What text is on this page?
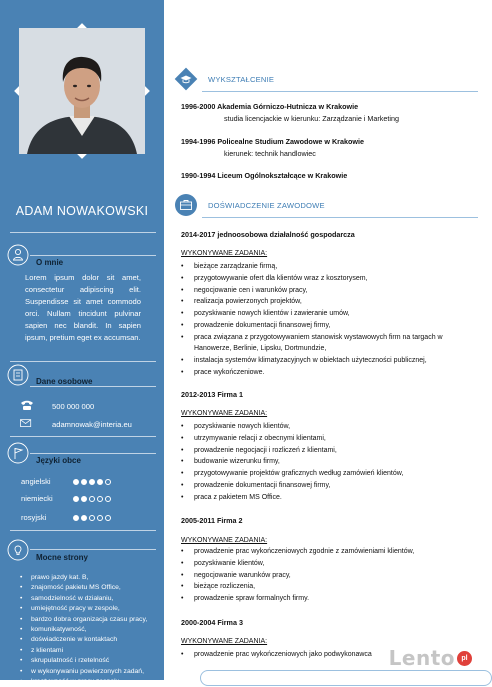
ADAM NOWAKOWSKI
O mnie
Lorem ipsum dolor sit amet, consectetur adipiscing elit. Suspendisse sit amet commodo orci. Nullam tincidunt pulvinar sapien nec blandit. In sapien ipsum, pretium eget ex accumsan.
Dane osobowe
500 000 000
adamnowak@interia.eu
Języki obce
angielski
niemiecki
rosyjski
Mocne strony
• prawo jazdy kat. B,
• znajomość pakietu MS Office,
• samodzielność w działaniu,
• umiejętność pracy w zespole,
• bardzo dobra organizacja czasu pracy,
• komunikatywność,
• doświadczenie w kontaktach
• z klientami
• skrupulatność i rzetelność
• w wykonywaniu powierzonych zadań,
• kreatywność w pracy zespołu
WYKSZTAŁCENIE
1996-2000 Akademia Górniczo-Hutnicza w Krakowie
studia licencjackie w kierunku: Zarządzanie i Marketing
1994-1996 Policealne Studium Zawodowe w Krakowie
kierunek: technik handlowiec
1990-1994 Liceum Ogólnokształcące w Krakowie
DOŚWIADCZENIE ZAWODOWE
2014-2017 jednoosobowa działalność gospodarcza
WYKONYWANE ZADANIA:
• bieżące zarządzanie firmą,
• przygotowywanie ofert dla klientów wraz z kosztorysem,
• negocjowanie cen i warunków pracy,
• realizacja powierzonych projektów,
• pozyskiwanie nowych klientów i zawieranie umów,
• prowadzenie dokumentacji finansowej firmy,
• praca związana z przygotowywaniem stanowisk wystawowych firm na targach w Hanowerze, Berlinie, Lipsku, Dortmundzie,
• instalacja systemów klimatyzacyjnych w obiektach użyteczności publicznej,
• prace wykończeniowe.
2012-2013 Firma 1
WYKONYWANE ZADANIA:
• pozyskiwanie nowych klientów,
• utrzymywanie relacji z obecnymi klientami,
• prowadzenie negocjacji i rozliczeń z klientami,
• budowanie wizerunku firmy,
• przygotowywanie projektów graficznych według zamówień klientów,
• prowadzenie dokumentacji finansowej firmy,
• praca z pakietem MS Office.
2005-2011 Firma 2
WYKONYWANE ZADANIA:
• prowadzenie prac wykończeniowych zgodnie z zamówieniami klientów,
• pozyskiwanie klientów,
• negocjowanie warunków pracy,
• bieżące rozliczenia,
• prowadzenie spraw formalnych firmy.
2000-2004 Firma 3
WYKONYWANE ZADANIA:
• prowadzenie prac wykończeniowych jako podwykonawca Lento pl
